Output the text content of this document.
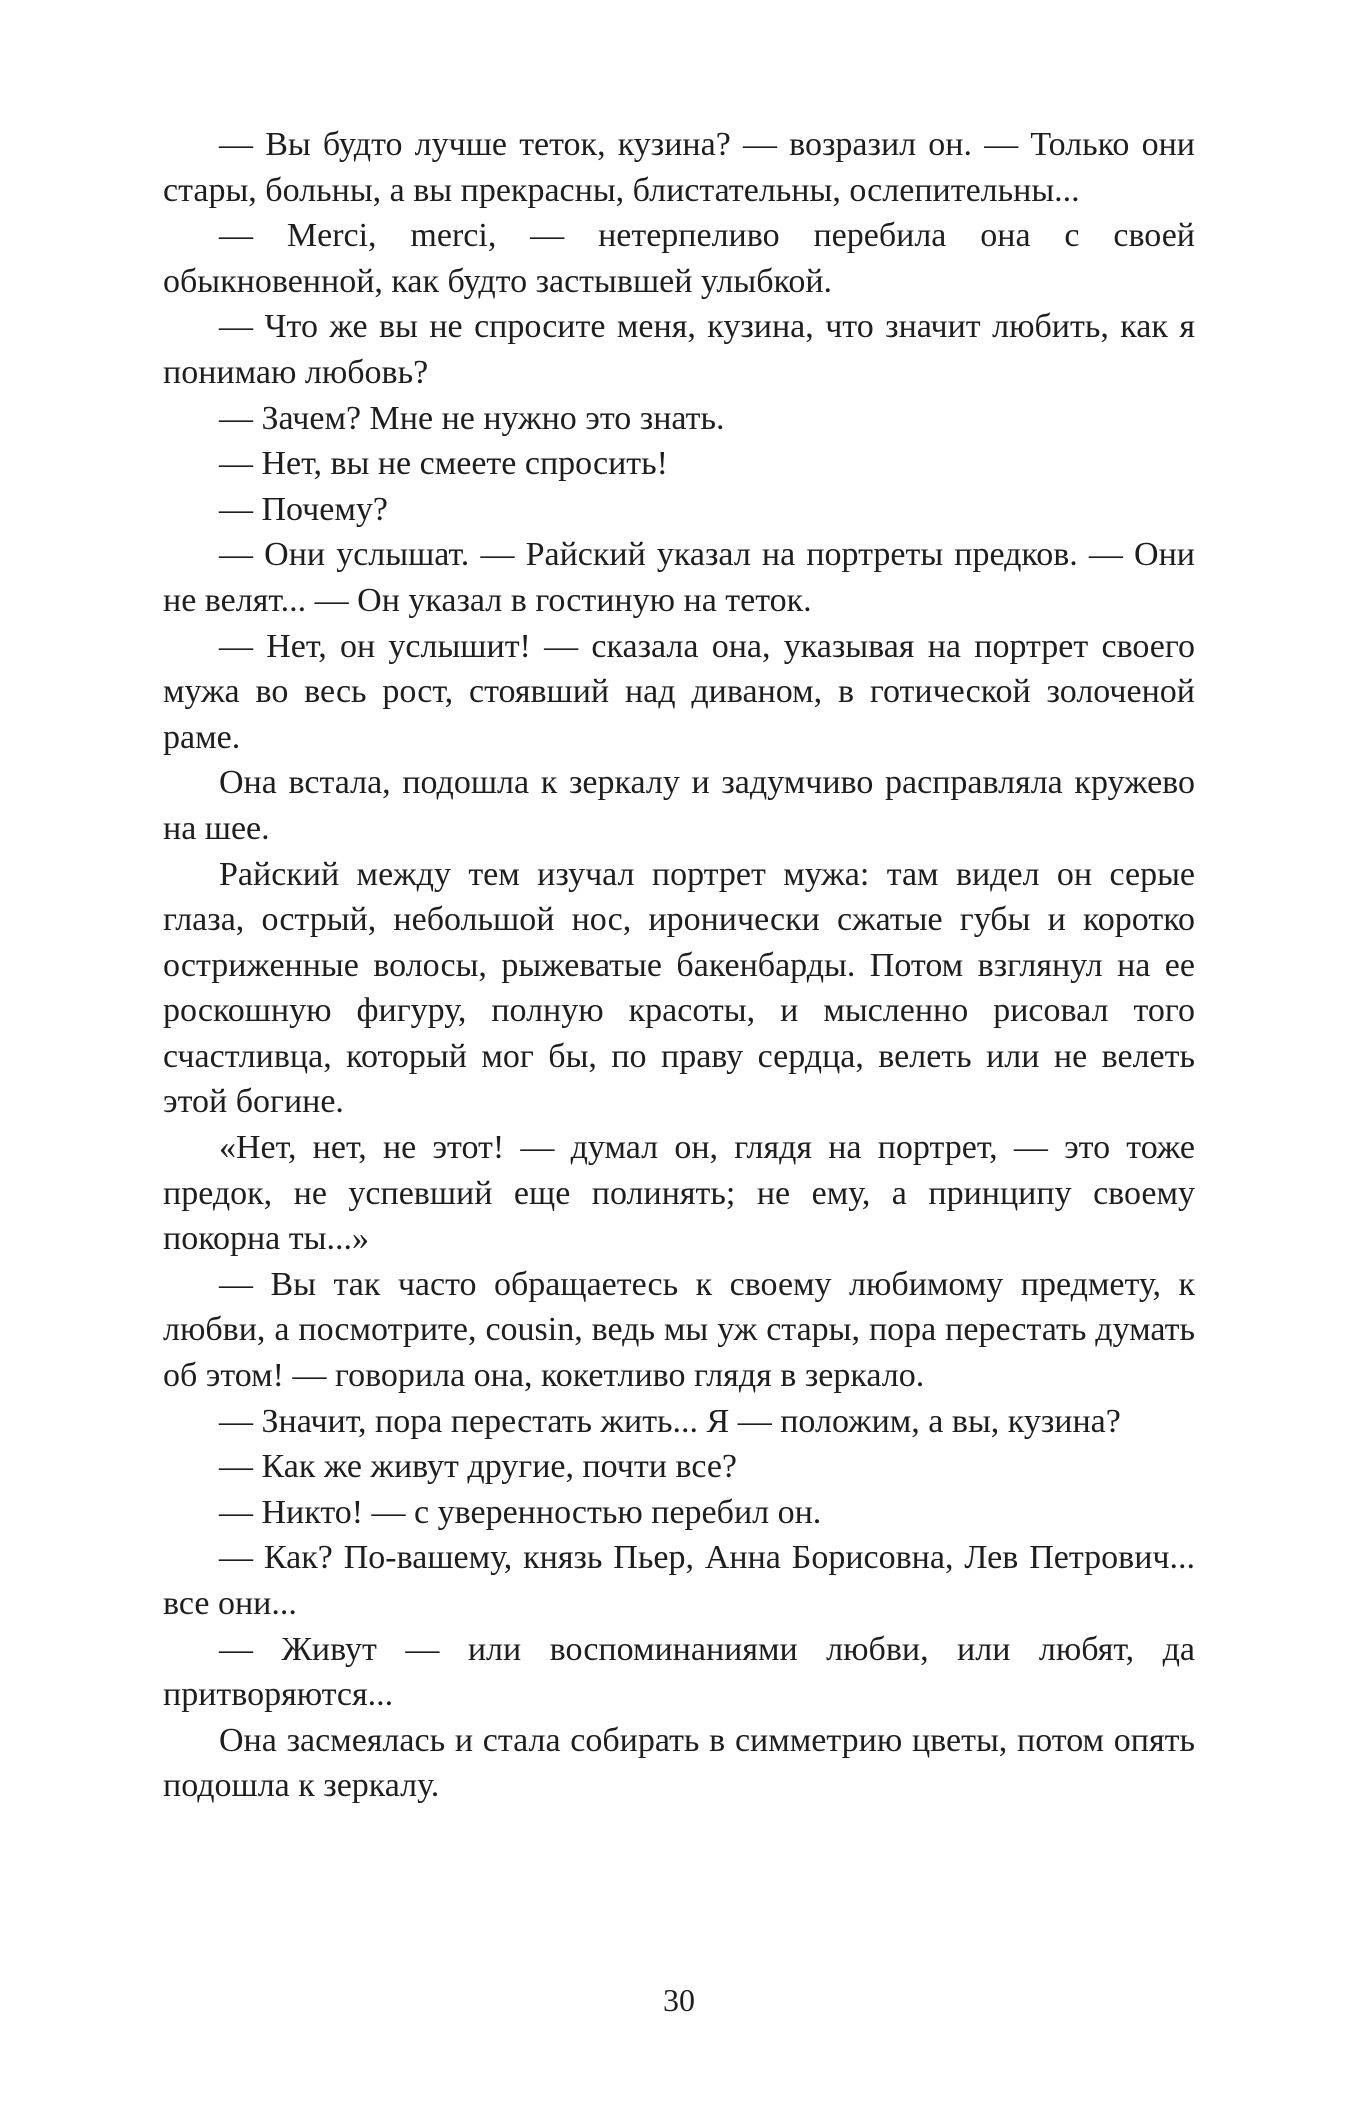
— Вы будто лучше теток, кузина? — возразил он. — Только они стары, больны, а вы прекрасны, блистательны, ослепительны...

— Merci, merci, — нетерпеливо перебила она с своей обыкновенной, как будто застывшей улыбкой.

— Что же вы не спросите меня, кузина, что значит любить, как я понимаю любовь?

— Зачем? Мне не нужно это знать.

— Нет, вы не смеете спросить!

— Почему?

— Они услышат. — Райский указал на портреты предков. — Они не велят... — Он указал в гостиную на теток.

— Нет, он услышит! — сказала она, указывая на портрет своего мужа во весь рост, стоявший над диваном, в готической золоченой раме.

Она встала, подошла к зеркалу и задумчиво расправляла кружево на шее.

Райский между тем изучал портрет мужа: там видел он серые глаза, острый, небольшой нос, иронически сжатые губы и коротко остриженные волосы, рыжеватые бакенбарды. Потом взглянул на ее роскошную фигуру, полную красоты, и мысленно рисовал того счастливца, который мог бы, по праву сердца, велеть или не велеть этой богине.

«Нет, нет, не этот! — думал он, глядя на портрет, — это тоже предок, не успевший еще полинять; не ему, а принципу своему покорна ты...»

— Вы так часто обращаетесь к своему любимому предмету, к любви, а посмотрите, cousin, ведь мы уж стары, пора перестать думать об этом! — говорила она, кокетливо глядя в зеркало.

— Значит, пора перестать жить... Я — положим, а вы, кузина?

— Как же живут другие, почти все?

— Никто! — с уверенностью перебил он.

— Как? По-вашему, князь Пьер, Анна Борисовна, Лев Петрович... все они...

— Живут — или воспоминаниями любви, или любят, да притворяются...

Она засмеялась и стала собирать в симметрию цветы, потом опять подошла к зеркалу.

30
